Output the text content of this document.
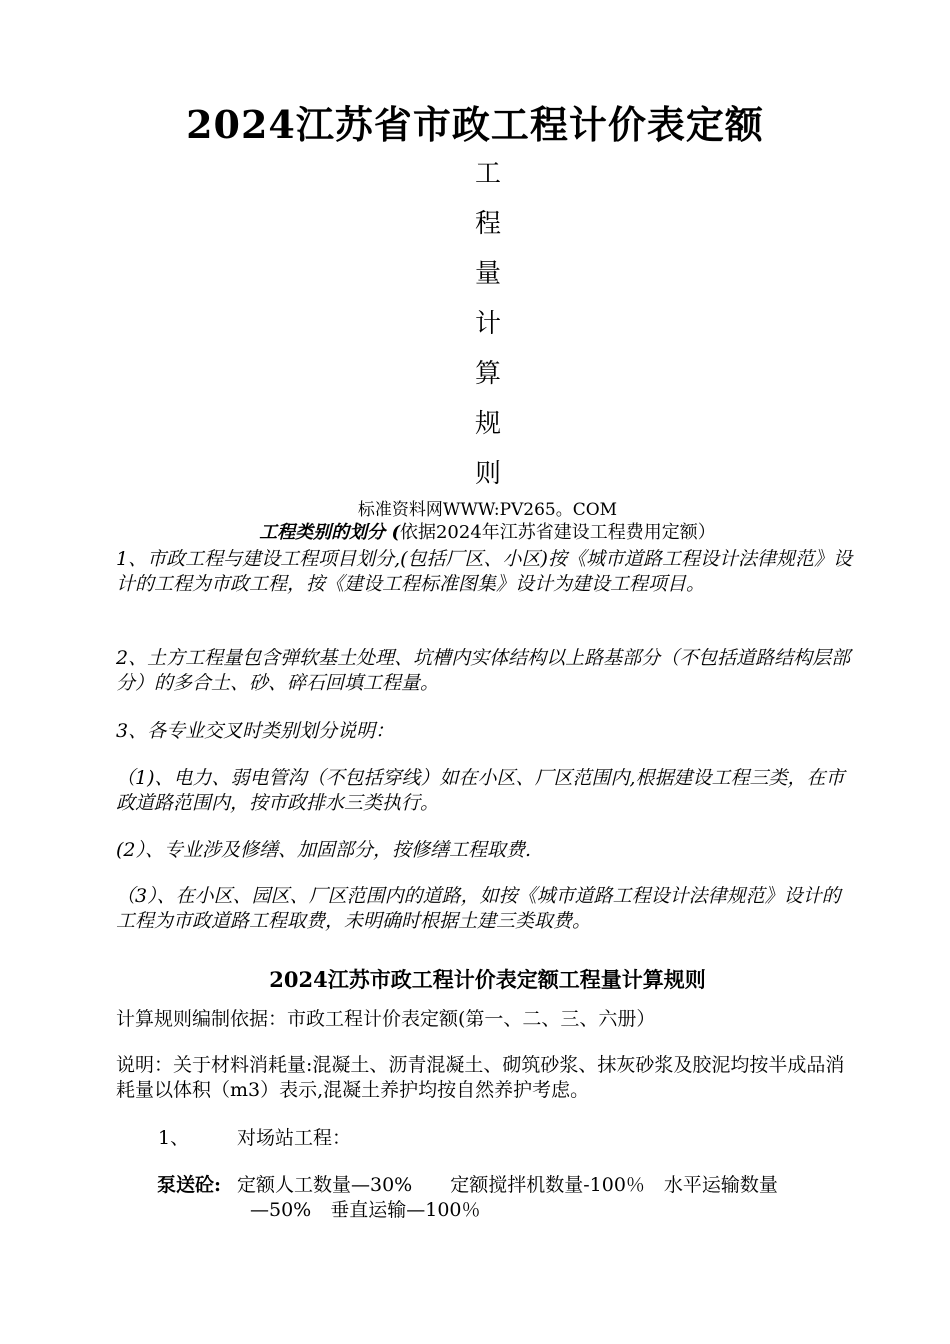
2024江苏省市政工程计价表定额
工
程
量
计
算
规
则
标准资料网WWW:PV265。COM
工程类别的划分 (依据2024年江苏省建设工程费用定额）
1、市政工程与建设工程项目划分,(包括厂区、小区)按《城市道路工程设计法律规范》设计的工程为市政工程，按《建设工程标准图集》设计为建设工程项目。
2、土方工程量包含弹软基土处理、坑槽内实体结构以上路基部分（不包括道路结构层部分）的多合土、砂、碎石回填工程量。
3、各专业交叉时类别划分说明：
（1)、电力、弱电管沟（不包括穿线）如在小区、厂区范围内,根据建设工程三类，在市政道路范围内，按市政排水三类执行。
(2）、专业涉及修缮、加固部分，按修缮工程取费.
（3）、在小区、园区、厂区范围内的道路，如按《城市道路工程设计法律规范》设计的工程为市政道路工程取费，未明确时根据土建三类取费。
2024江苏市政工程计价表定额工程量计算规则
计算规则编制依据：市政工程计价表定额(第一、二、三、六册）
说明：关于材料消耗量:混凝土、沥青混凝土、砌筑砂浆、抹灰砂浆及胶泥均按半成品消耗量以体积（m3）表示,混凝土养护均按自然养护考虑。
1、	对场站工程：
泵送砼: 定额人工数量—30%　　定额搅拌机数量-100％　水平运输数量
—50%　垂直运输—100％
